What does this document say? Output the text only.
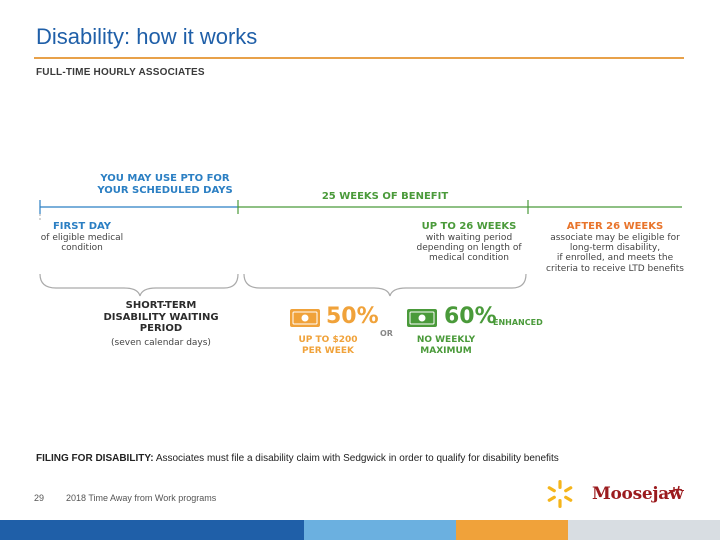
Disability: how it works
FULL-TIME HOURLY ASSOCIATES
YOU MAY USE PTO FOR
YOUR SCHEDULED DAYS
25 WEEKS OF BENEFIT
FIRST DAY
of eligible medical
condition
UP TO 26 WEEKS
with waiting period
depending on length of
medical condition
AFTER 26 WEEKS
associate may be eligible for
long-term disability,
if enrolled, and meets the
criteria to receive LTD benefits
SHORT-TERM
DISABILITY WAITING
PERIOD
(seven calendar days)
50%
UP TO $200
PER WEEK
OR
60%
ENHANCED
NO WEEKLY
MAXIMUM
FILING FOR DISABILITY: Associates must file a disability claim with Sedgwick in order to qualify for disability benefits
29 2018 Time Away from Work programs	Moosejaw
